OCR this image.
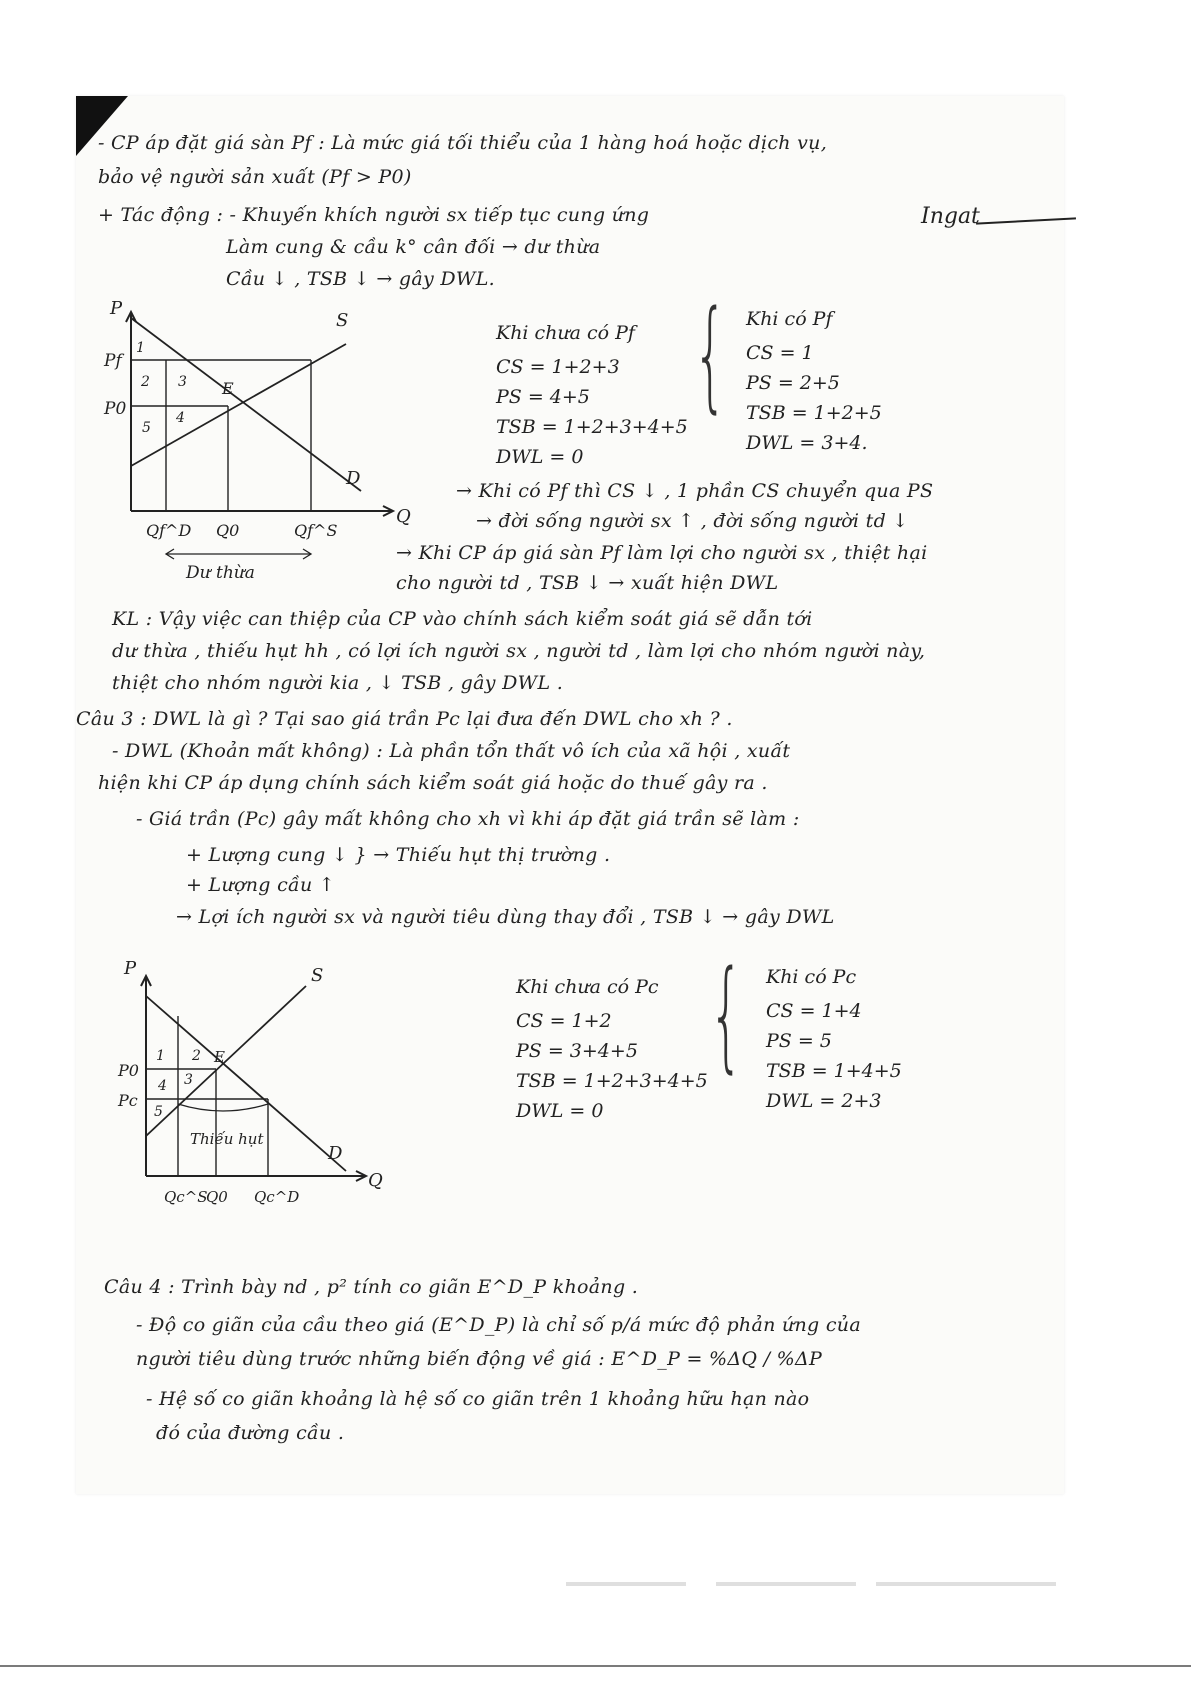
- CP áp đặt giá sàn Pf : Là mức giá tối thiểu của 1 hàng hoá hoặc dịch vụ,
bảo vệ người sản xuất (Pf > P0)
+ Tác động : - Khuyến khích người sx tiếp tục cung ứng
Làm cung & cầu k° cân đối → dư thừa
Cầu ↓ , TSB ↓ → gây DWL.
Ingat
P
Q
S
D
E
Pf
P0
1
2 3
4
5
Qf^D Q0	Qf^S
Dư thừa
Khi chưa có Pf
CS = 1+2+3
PS = 4+5
TSB = 1+2+3+4+5
DWL = 0
{ Khi có Pf
CS = 1
PS = 2+5
TSB = 1+2+5
DWL = 3+4.
→ Khi có Pf thì CS ↓ , 1 phần CS chuyển qua PS
→ đời sống người sx ↑ , đời sống người td ↓
→ Khi CP áp giá sàn Pf làm lợi cho người sx , thiệt hại
cho người td , TSB ↓ → xuất hiện DWL
KL : Vậy việc can thiệp của CP vào chính sách kiểm soát giá sẽ dẫn tới
dư thừa , thiếu hụt hh , có lợi ích người sx , người td , làm lợi cho nhóm người này,
thiệt cho nhóm người kia , ↓ TSB , gây DWL .
Câu 3 : DWL là gì ? Tại sao giá trần Pc lại đưa đến DWL cho xh ? .
- DWL (Khoản mất không) : Là phần tổn thất vô ích của xã hội , xuất
hiện khi CP áp dụng chính sách kiểm soát giá hoặc do thuế gây ra .
- Giá trần (Pc) gây mất không cho xh vì khi áp đặt giá trần sẽ làm :
+ Lượng cung ↓ } → Thiếu hụt thị trường .
+ Lượng cầu ↑
→ Lợi ích người sx và người tiêu dùng thay đổi , TSB ↓ → gây DWL
P
Q
S
D
E
P0
Pc
1 2
3
4
5
Thiếu hụt
Qc^S
Q0 Qc^D
Khi chưa có Pc
CS = 1+2
PS = 3+4+5
TSB = 1+2+3+4+5
DWL = 0
{ Khi có Pc
CS = 1+4
PS = 5
TSB = 1+4+5
DWL = 2+3
Câu 4 : Trình bày nd , p² tính co giãn E^D_P khoảng .
- Độ co giãn của cầu theo giá (E^D_P) là chỉ số p/á mức độ phản ứng của
người tiêu dùng trước những biến động về giá : E^D_P = %ΔQ / %ΔP
- Hệ số co giãn khoảng là hệ số co giãn trên 1 khoảng hữu hạn nào
đó của đường cầu .
